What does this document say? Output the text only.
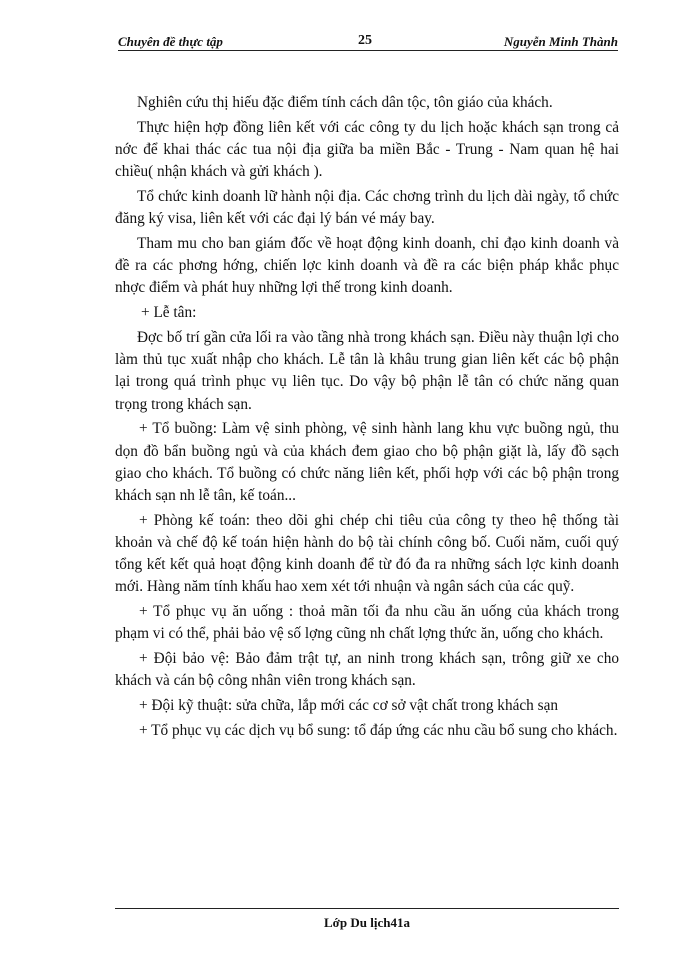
Chuyên đề thực tập	25	Nguyễn Minh Thành

Nghiên cứu thị hiếu đặc điểm tính cách dân tộc, tôn giáo của khách.

Thực hiện hợp đồng liên kết với các công ty du lịch hoặc khách sạn trong cả nớc để khai thác các tua nội địa giữa ba miền Bắc - Trung - Nam quan hệ hai chiều( nhận khách và gửi khách ).

Tổ chức kinh doanh lữ hành nội địa. Các chơng trình du lịch dài ngày, tổ chức đăng ký visa, liên kết với các đại lý bán vé máy bay.

Tham mu cho ban giám đốc về hoạt động kinh doanh, chỉ đạo kinh doanh và đề ra các phơng hớng, chiến lợc kinh doanh và đề ra các biện pháp khắc phục nhợc điểm và phát huy những lợi thế trong kinh doanh.

+ Lễ tân:

Đợc bố trí gần cửa lối ra vào tầng nhà trong khách sạn. Điều này thuận lợi cho làm thủ tục xuất nhập cho khách. Lễ tân là khâu trung gian liên kết các bộ phận lại trong quá trình phục vụ liên tục. Do vậy bộ phận lễ tân có chức năng quan trọng trong khách sạn.

+ Tổ buồng: Làm vệ sinh phòng, vệ sinh hành lang khu vực buồng ngủ, thu dọn đồ bẩn buồng ngủ và của khách đem giao cho bộ phận giặt là, lấy đồ sạch giao cho khách. Tổ buồng có chức năng liên kết, phối hợp với các bộ phận trong khách sạn nh lễ tân, kế toán...

+ Phòng kế toán: theo dõi ghi chép chi tiêu của công ty theo hệ thống tài khoản và chế độ kế toán hiện hành do bộ tài chính công bố. Cuối năm, cuối quý tổng kết kết quả hoạt động kinh doanh để từ đó đa ra những sách lợc kinh doanh mới. Hàng năm tính khấu hao xem xét tới nhuận và ngân sách của các quỹ.

+ Tổ phục vụ ăn uống : thoả mãn tối đa nhu cầu ăn uống của khách trong phạm vi có thể, phải bảo vệ số lợng cũng nh chất lợng thức ăn, uống cho khách.

+ Đội bảo vệ: Bảo đảm trật tự, an ninh trong khách sạn, trông giữ xe cho khách và cán bộ công nhân viên trong khách sạn.

+ Đội kỹ thuật: sửa chữa, lắp mới các cơ sở vật chất trong khách sạn

+ Tổ phục vụ các dịch vụ bổ sung: tổ đáp ứng các nhu cầu bổ sung cho khách.

Lớp Du lịch41a
